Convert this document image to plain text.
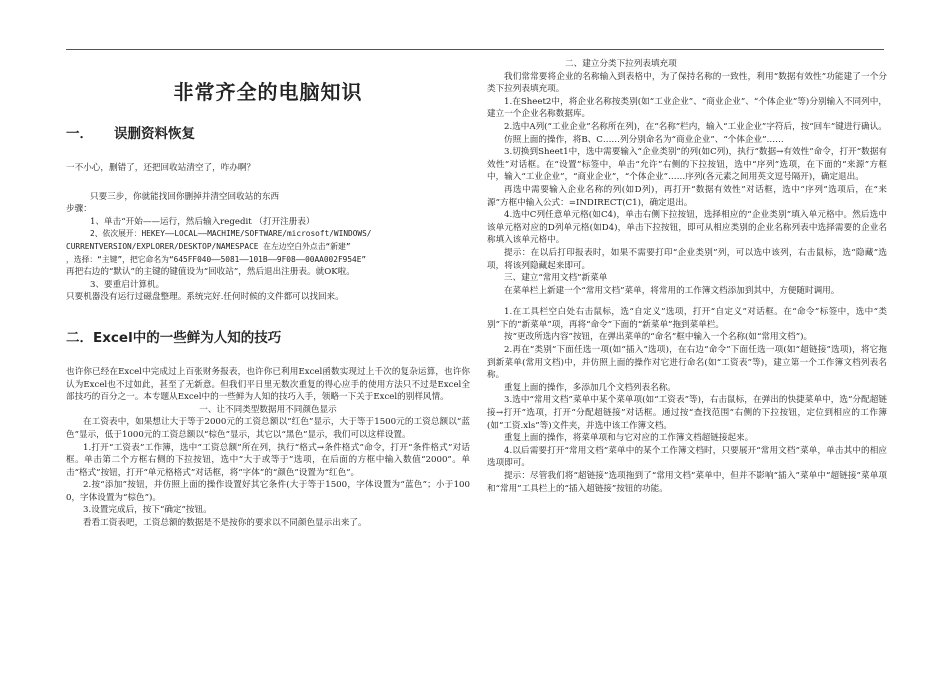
非常齐全的电脑知识
一． 误删资料恢复

一不小心，删错了，还把回收站清空了，咋办啊？

只要三步，你就能找回你删掉并清空回收站的东西

步骤：

1、单击“开始——运行，然后输入regedit （打开注册表）

2、依次展开：HEKEY——LOCAL——MACHIME/SOFTWARE/microsoft/WINDOWS/

CURRENTVERSION/EXPLORER/DESKTOP/NAMESPACE 在左边空白外点击“新建”

，选择：“主键”，把它命名为“645FF040——5081——101B——9F08——00AA002F954E”

再把右边的“默认”的主键的键值设为“回收站”，然后退出注册表。就OK啦。

3、要重启计算机。

只要机器没有运行过磁盘整理。系统完好.任何时候的文件都可以找回来。

二．Excel中的一些鲜为人知的技巧

也许你已经在Excel中完成过上百张财务报表，也许你已利用Excel函数实现过上千次的复杂运算，也许你认为Excel也不过如此，甚至了无新意。但我们平日里无数次重复的得心应手的使用方法只不过是Excel全部技巧的百分之一。本专题从Excel中的一些鲜为人知的技巧入手，领略一下关于Excel的别样风情。

一、让不同类型数据用不同颜色显示

在工资表中，如果想让大于等于2000元的工资总额以“红色”显示，大于等于1500元的工资总额以“蓝色”显示，低于1000元的工资总额以“棕色”显示，其它以“黑色”显示，我们可以这样设置。

1.打开“工资表”工作簿，选中“工资总额”所在列，执行“格式→条件格式”命令，打开“条件格式”对话框。单击第二个方框右侧的下拉按钮，选中“大于或等于”选项，在后面的方框中输入数值“2000”。单击“格式”按钮，打开“单元格格式”对话框，将“字体”的“颜色”设置为“红色”。

2.按“添加”按钮，并仿照上面的操作设置好其它条件(大于等于1500，字体设置为“蓝色”；小于1000，字体设置为“棕色”)。

3.设置完成后，按下“确定”按钮。

看看工资表吧，工资总额的数据是不是按你的要求以不同颜色显示出来了。

二、建立分类下拉列表填充项

我们常常要将企业的名称输入到表格中，为了保持名称的一致性，利用“数据有效性”功能建了一个分类下拉列表填充项。

1.在Sheet2中，将企业名称按类别(如“工业企业”、“商业企业”、“个体企业”等)分别输入不同列中，建立一个企业名称数据库。

2.选中A列(“工业企业”名称所在列)，在“名称”栏内，输入“工业企业”字符后，按“回车”键进行确认。

仿照上面的操作，将B、C……列分别命名为“商业企业”、“个体企业”……

3.切换到Sheet1中，选中需要输入“企业类别”的列(如C列)，执行“数据→有效性”命令，打开“数据有效性”对话框。在“设置”标签中，单击“允许”右侧的下拉按钮，选中“序列”选项，在下面的“来源”方框中，输入“工业企业”，“商业企业”，“个体企业”……序列(各元素之间用英文逗号隔开)，确定退出。

再选中需要输入企业名称的列(如D列)，再打开“数据有效性”对话框，选中“序列”选项后，在“来源”方框中输入公式：=INDIRECT(C1)，确定退出。

4.选中C列任意单元格(如C4)，单击右侧下拉按钮，选择相应的“企业类别”填入单元格中。然后选中该单元格对应的D列单元格(如D4)，单击下拉按钮，即可从相应类别的企业名称列表中选择需要的企业名称填入该单元格中。

提示：在以后打印报表时，如果不需要打印“企业类别”列，可以选中该列，右击鼠标，选“隐藏”选项，将该列隐藏起来即可。

三、建立“常用文档”新菜单

在菜单栏上新建一个“常用文档”菜单，将常用的工作簿文档添加到其中，方便随时调用。

1.在工具栏空白处右击鼠标，选“自定义”选项，打开“自定义”对话框。在“命令”标签中，选中“类别”下的“新菜单”项，再将“命令”下面的“新菜单”拖到菜单栏。

按“更改所选内容”按钮，在弹出菜单的“命名”框中输入一个名称(如“常用文档”)。

2.再在“类别”下面任选一项(如“插入”选项)，在右边“命令”下面任选一项(如“超链接”选项)，将它拖到新菜单(常用文档)中，并仿照上面的操作对它进行命名(如“工资表”等)，建立第一个工作簿文档列表名称。

重复上面的操作，多添加几个文档列表名称。

3.选中“常用文档”菜单中某个菜单项(如“工资表”等)，右击鼠标，在弹出的快捷菜单中，选“分配超链接→打开”选项，打开“分配超链接”对话框。通过按“查找范围”右侧的下拉按钮，定位到相应的工作簿(如“工资.xls”等)文件夹，并选中该工作簿文档。

重复上面的操作，将菜单项和与它对应的工作簿文档超链接起来。

4.以后需要打开“常用文档”菜单中的某个工作簿文档时，只要展开“常用文档”菜单，单击其中的相应选项即可。

提示：尽管我们将“超链接”选项拖到了“常用文档”菜单中，但并不影响“插入”菜单中“超链接”菜单项和“常用”工具栏上的“插入超链接”按钮的功能。
